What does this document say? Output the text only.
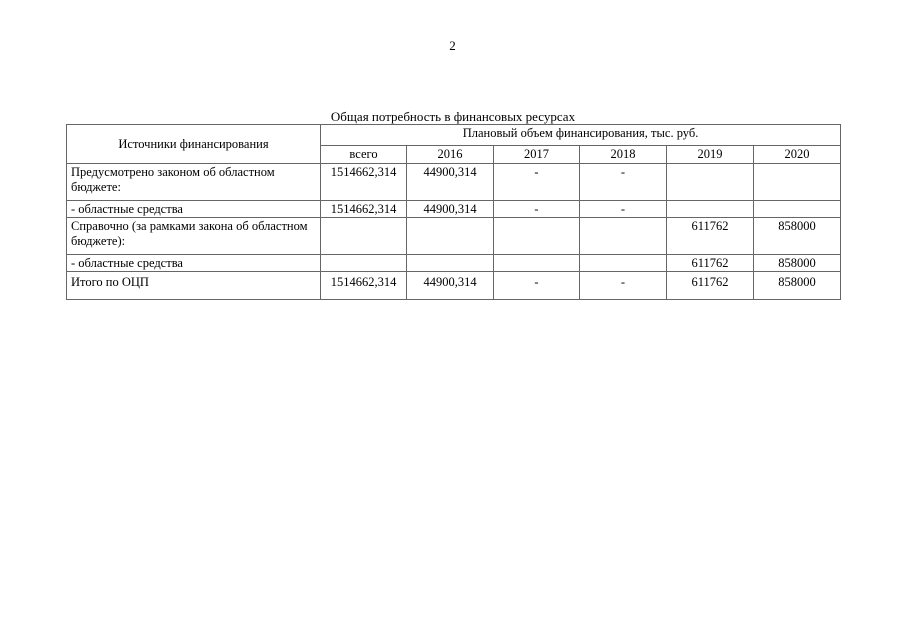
2
Общая потребность в финансовых ресурсах
Источники финансирования	Плановый объем финансирования, тыс. руб.					
	всего	2016	2017	2018	2019	2020
Предусмотрено законом об областном бюджете:	1514662,314	44900,314	-	-		
- областные средства	1514662,314	44900,314	-	-		
Справочно (за рамками закона об областном бюджете):					611762	858000
- областные средства					611762	858000
Итого по ОЦП	1514662,314	44900,314	-	-	611762	858000
